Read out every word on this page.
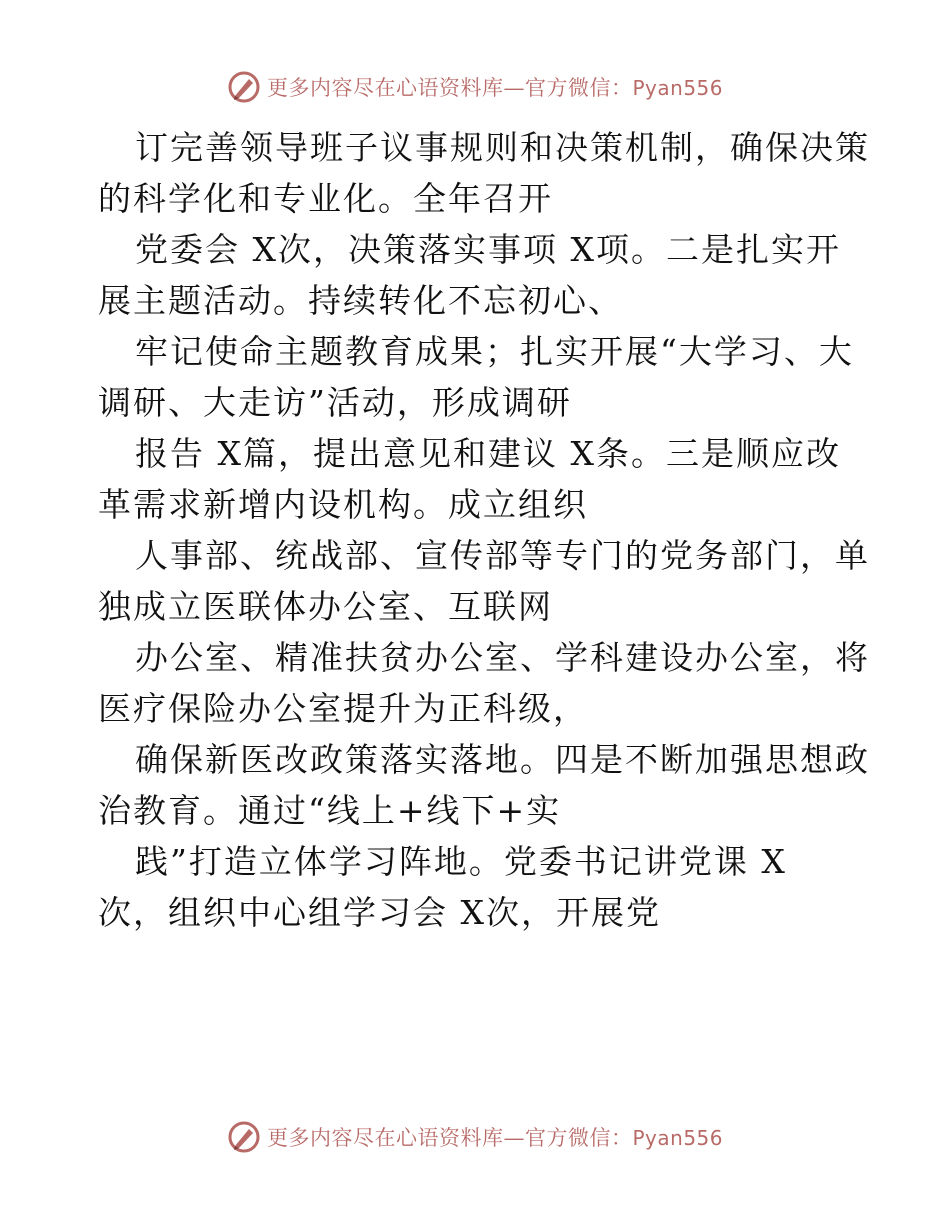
更多内容尽在心语资料库—官方微信：Pyan556
订完善领导班子议事规则和决策机制，确保决策
的科学化和专业化。全年召开
党委会 X次，决策落实事项 X项。二是扎实开
展主题活动。持续转化不忘初心、
牢记使命主题教育成果；扎实开展“大学习、大
调研、大走访”活动，形成调研
报告 X篇，提出意见和建议 X条。三是顺应改
革需求新增内设机构。成立组织
人事部、统战部、宣传部等专门的党务部门，单
独成立医联体办公室、互联网
办公室、精准扶贫办公室、学科建设办公室，将
医疗保险办公室提升为正科级，
确保新医改政策落实落地。四是不断加强思想政
治教育。通过“线上+线下+实
践”打造立体学习阵地。党委书记讲党课 X
次，组织中心组学习会 X次，开展党
更多内容尽在心语资料库—官方微信：Pyan556
